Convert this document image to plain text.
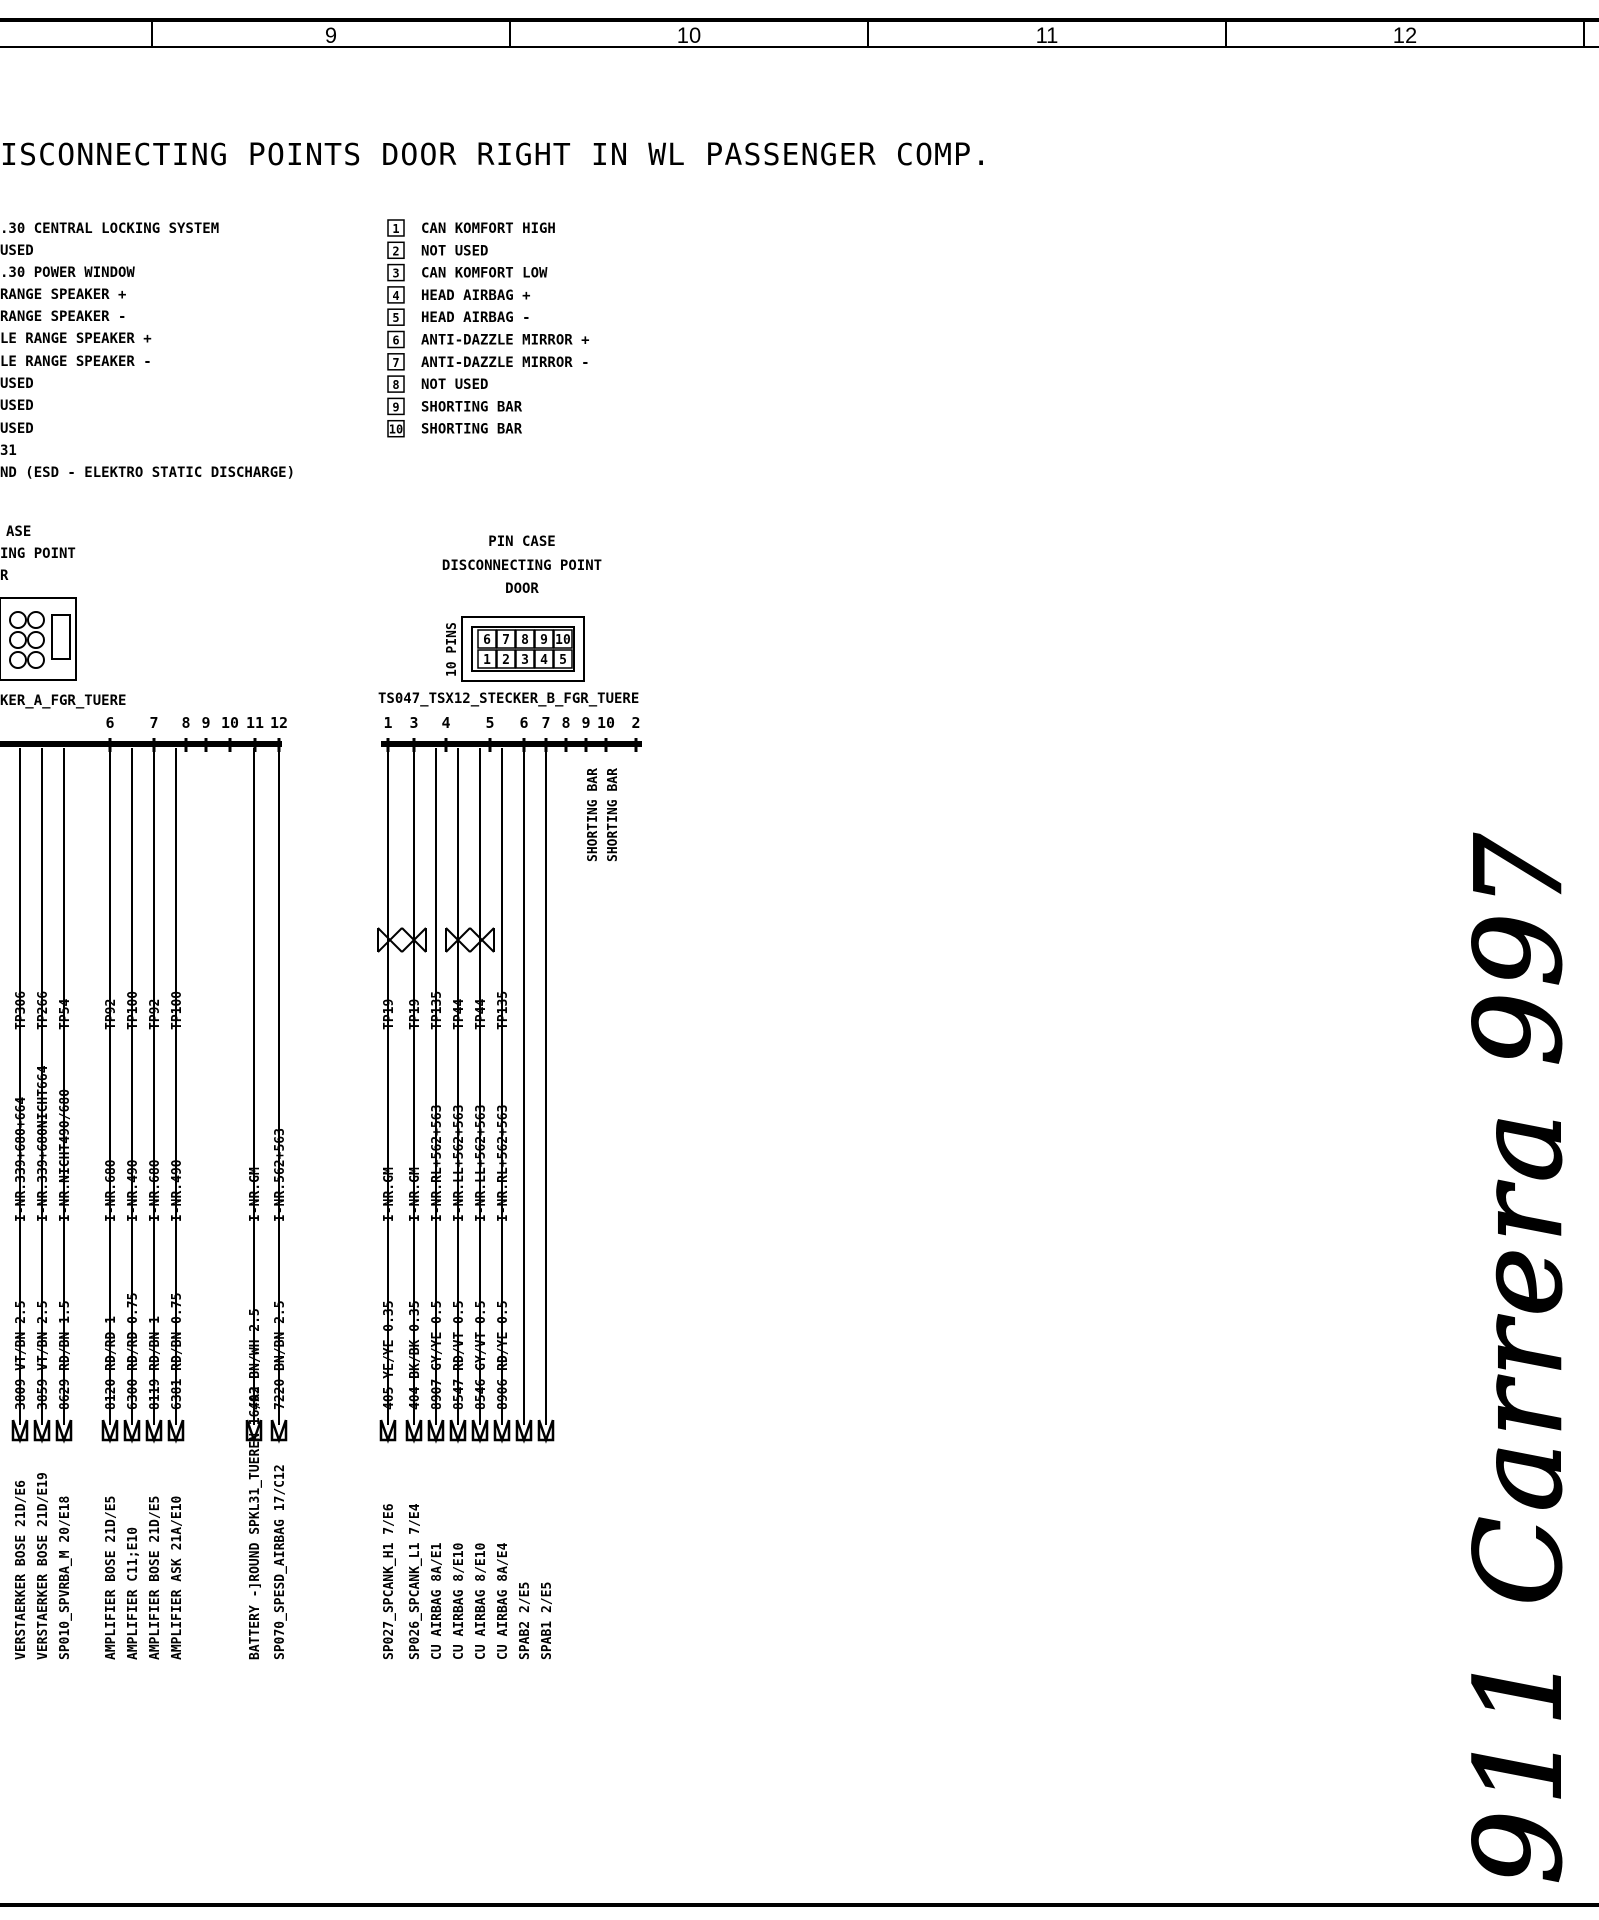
9	10	11	12
ISCONNECTING POINTS DOOR RIGHT IN WL PASSENGER COMP.
.30 CENTRAL LOCKING SYSTEM
USED
.30 POWER WINDOW
RANGE SPEAKER +
RANGE SPEAKER -
LE RANGE SPEAKER +
LE RANGE SPEAKER -
USED
USED
USED
31
ND (ESD - ELEKTRO STATIC DISCHARGE)
1 CAN KOMFORT HIGH
2 NOT USED
3 CAN KOMFORT LOW
4 HEAD AIRBAG +
5 HEAD AIRBAG -
6 ANTI-DAZZLE MIRROR +
7 ANTI-DAZZLE MIRROR -
8 NOT USED
9 SHORTING BAR
10 SHORTING BAR
ASE
ING POINT
R
KER_A_FGR_TUERE
6 7 8 9 10 11 12
PIN CASE
DISCONNECTING POINT
DOOR
10 PINS 6 7 8 9 10
1 2 3 4 5
TS047_TSX12_STECKER_B_FGR_TUERE
1 3 4 5 6 7 8 9 10 2
SHORTING BAR SHORTING BAR
TP306
I-NR.339+680+664
3809 VT/BN 2.5
VERSTAERKER BOSE 21D/E6
TP266
I-NR.339+680NICHT664
3859 VT/BN 2.5
VERSTAERKER BOSE 21D/E19
TP54
I-NR.NICHT490/680
8629 RD/BN 1.5
SP010_SPVRBA_M 20/E18
TP92
I-NR.680
8120 RD/RD 1
AMPLIFIER BOSE 21D/E5
TP100
I-NR.490
6300 RD/RD 0.75
AMPLIFIER C11;E10
TP92
I-NR.680
8119 RD/BN 1
AMPLIFIER BOSE 21D/E5
TP100
I-NR.490
6381 RD/BN 0.75
AMPLIFIER ASK 21A/E10
I-NR.GM
403 BN/WH 2.5
BATTERY -]ROUND SPKL31_TUEREN 16/A2
I-NR.562+563
7220 BN/BN 2.5
SP070_SPESD_AIRBAG 17/C12
TP19
I-NR.GM
405 YE/YE 0.35
SP027_SPCANK_H1 7/E6
TP19
I-NR.GM
404 BK/BK 0.35
SP026_SPCANK_L1 7/E4
TP135
I-NR.RL+562+563
8907 GY/YE 0.5
CU AIRBAG 8A/E1
TP44
I-NR.LL+562+563
8547 RD/VT 0.5
CU AIRBAG 8/E10
TP44
I-NR.LL+562+563
8546 GY/VT 0.5
CU AIRBAG 8/E10
TP135
I-NR.RL+562+563
8906 RD/YE 0.5
CU AIRBAG 8A/E4 SPAB2 2/E5 SPAB1 2/E5	911 Carrera 997
